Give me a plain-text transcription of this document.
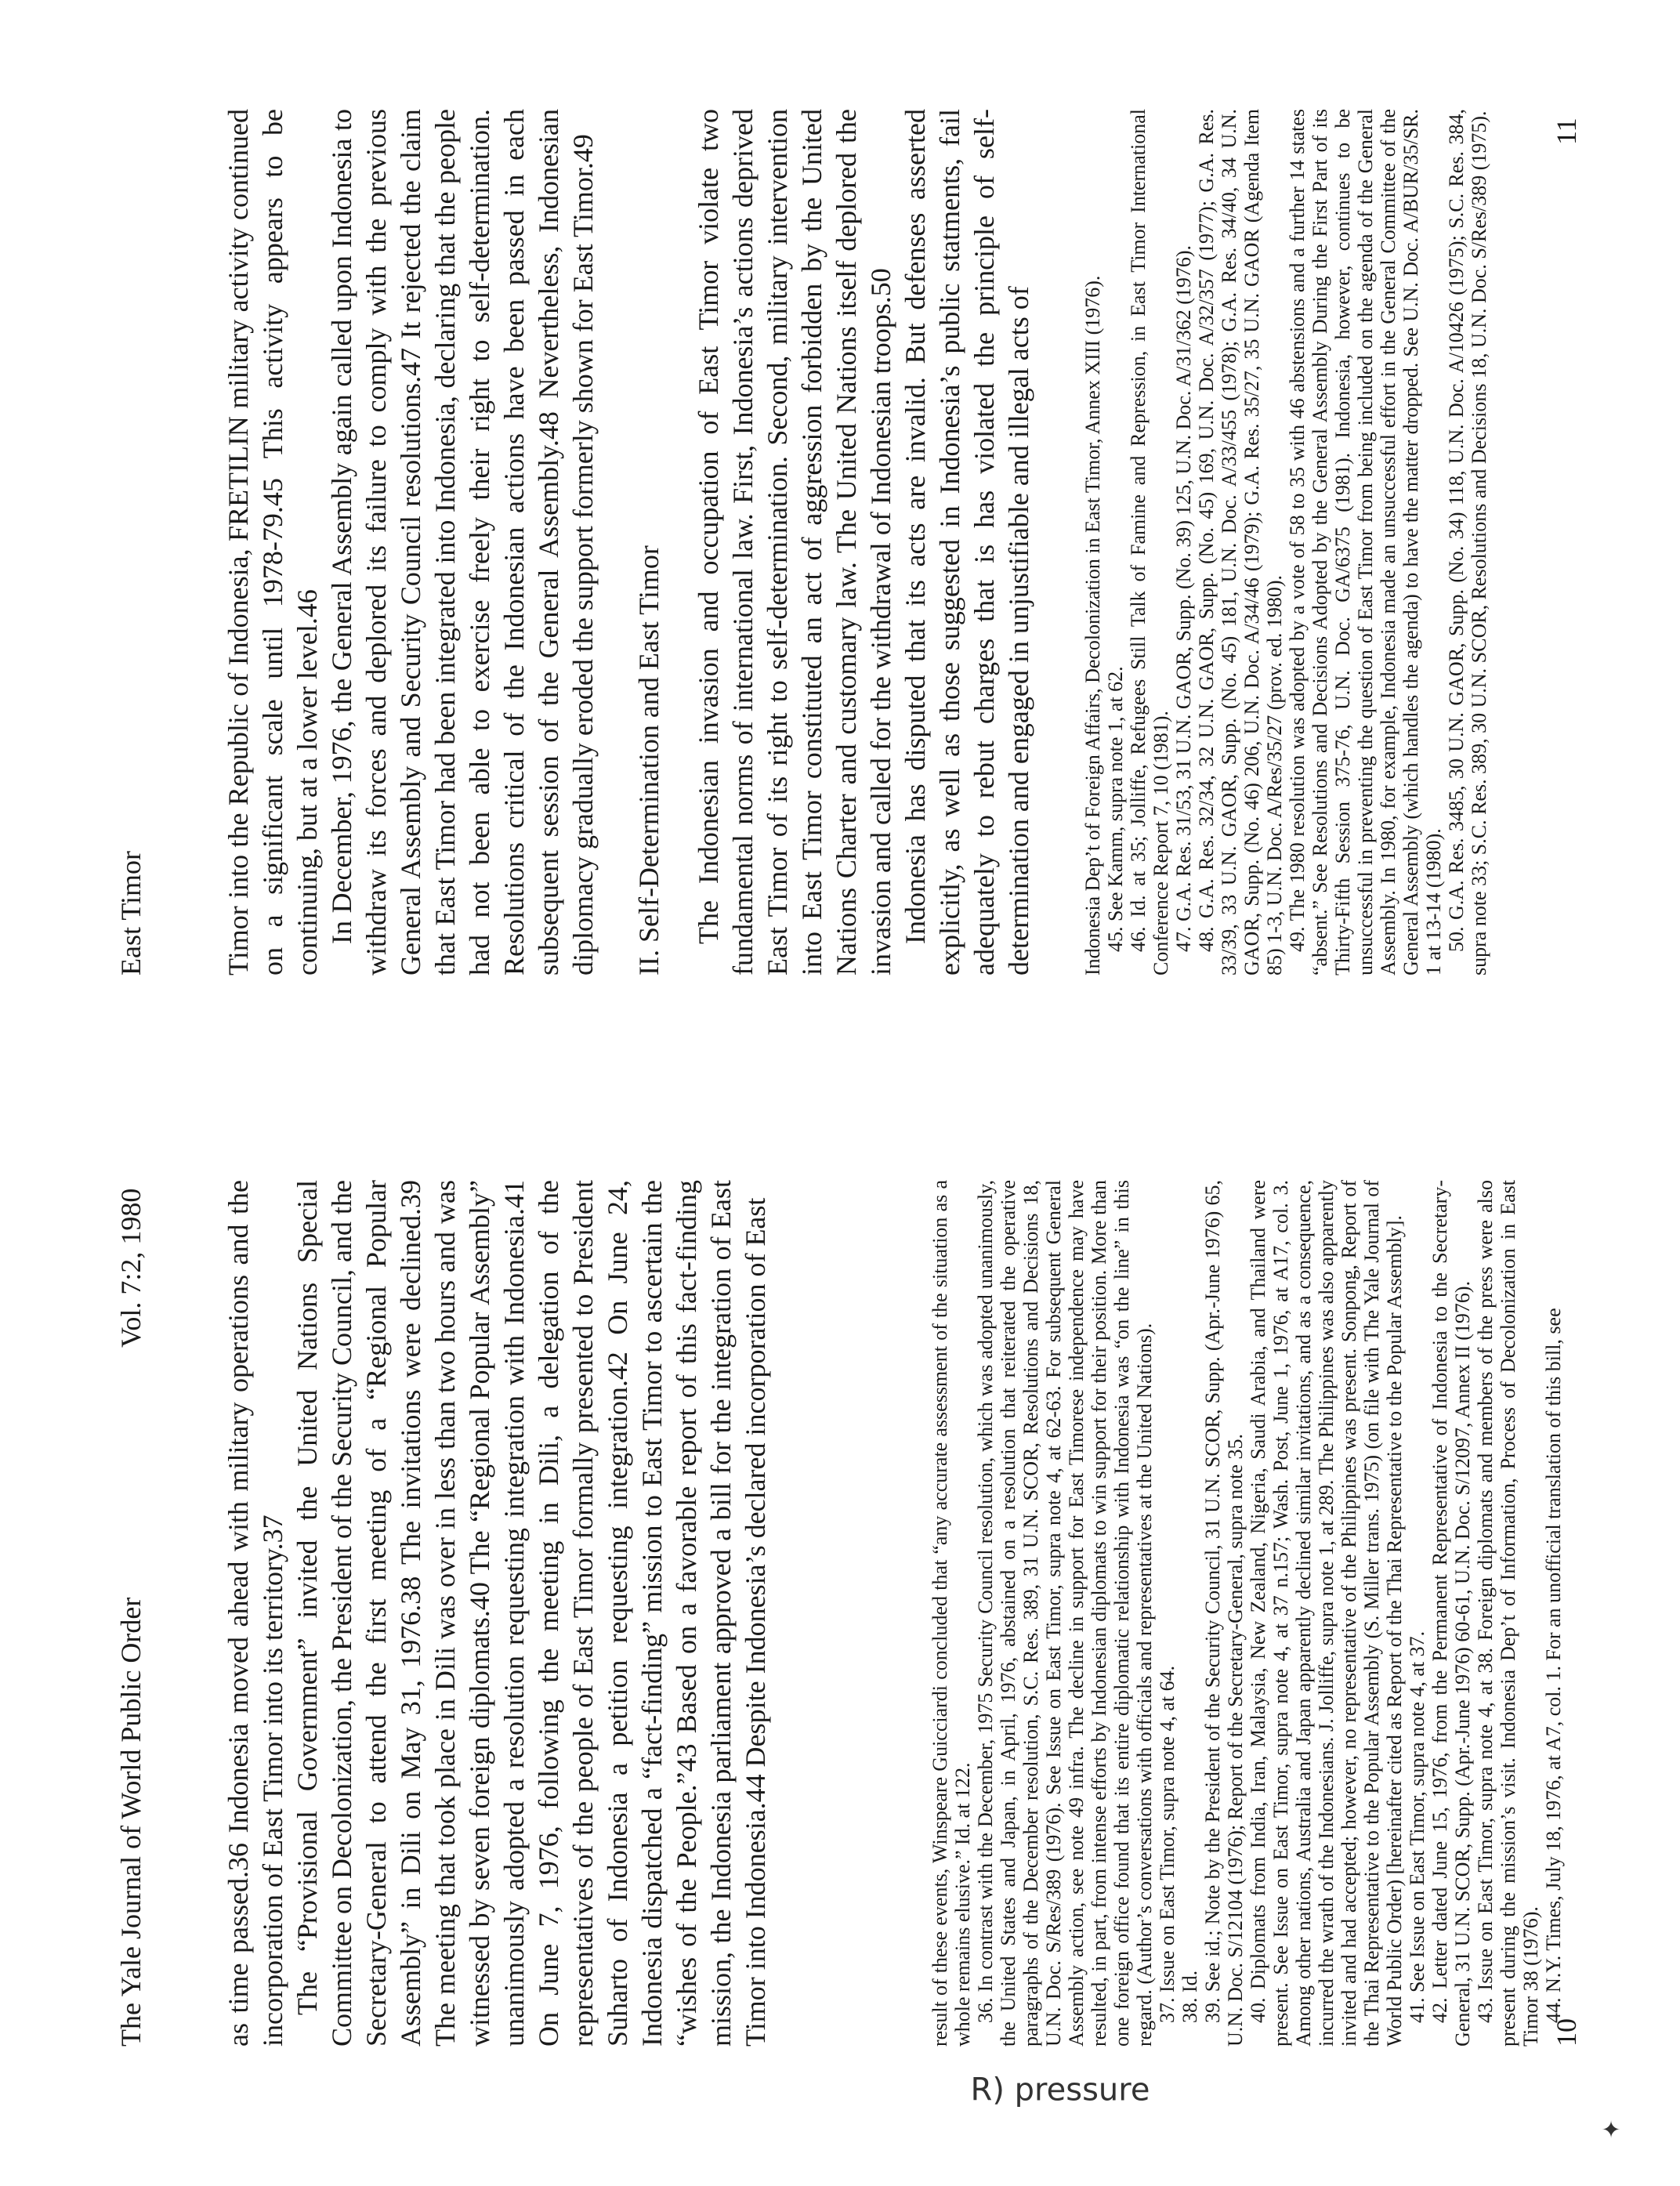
The Yale Journal of World Public Order
Vol. 7:2, 1980	as time passed.36 Indonesia moved ahead with military operations and the incorporation of East Timor into its territory.37 The “Provisional Government” invited the United Nations Special Committee on Decolonization, the President of the Security Council, and the Secretary-General to attend the first meeting of a “Regional Popular Assembly” in Dili on May 31, 1976.38 The invitations were declined.39 The meeting that took place in Dili was over in less than two hours and was witnessed by seven foreign diplomats.40 The “Regional Popular Assembly” unanimously adopted a resolution requesting integration with Indonesia.41 On June 7, 1976, following the meeting in Dili, a delegation of the representatives of the people of East Timor formally presented to President Suharto of Indonesia a petition requesting integration.42 On June 24, Indonesia dispatched a “fact-finding” mission to East Timor to ascertain the “wishes of the People.”43 Based on a favorable report of this fact-finding mission, the Indonesia parliament approved a bill for the integration of East Timor into Indonesia.44 Despite Indonesia’s declared incorporation of East	result of these events, Winspeare Guicciardi concluded that “any accurate assessment of the situation as a whole remains elusive.” Id. at 122. 36. In contrast with the December, 1975 Security Council resolution, which was adopted unanimously, the United States and Japan, in April, 1976, abstained on a resolution that reiterated the operative paragraphs of the December resolution, S.C. Res. 389, 31 U.N. SCOR, Resolutions and Decisions 18, U.N. Doc. S/Res/389 (1976). See Issue on East Timor, supra note 4, at 62-63. For subsequent General Assembly action, see note 49 infra. The decline in support for East Timorese independence may have resulted, in part, from intense efforts by Indonesian diplomats to win support for their position. More than one foreign office found that its entire diplomatic relationship with Indonesia was “on the line” in this regard. (Author’s conversations with officials and representatives at the United Nations). 37. Issue on East Timor, supra note 4, at 64. 38. Id. 39. See id.; Note by the President of the Security Council, 31 U.N. SCOR, Supp. (Apr.-June 1976) 65, U.N. Doc. S/12104 (1976); Report of the Secretary-General, supra note 35. 40. Diplomats from India, Iran, Malaysia, New Zealand, Nigeria, Saudi Arabia, and Thailand were present. See Issue on East Timor, supra note 4, at 37 n.157; Wash. Post, June 1, 1976, at A17, col. 3. Among other nations, Australia and Japan apparently declined similar invitations, and as a consequence, incurred the wrath of the Indonesians. J. Jolliffe, supra note 1, at 289. The Philippines was also apparently invited and had accepted; however, no representative of the Philippines was present. Sonpong, Report of the Thai Representative to the Popular Assembly (S. Miller trans. 1975) (on file with The Yale Journal of World Public Order) [hereinafter cited as Report of the Thai Representative to the Popular Assembly]. 41. See Issue on East Timor, supra note 4, at 37. 42. Letter dated June 15, 1976, from the Permanent Representative of Indonesia to the Secretary-General, 31 U.N. SCOR, Supp. (Apr.-June 1976) 60-61, U.N. Doc. S/12097, Annex II (1976). 43. Issue on East Timor, supra note 4, at 38. Foreign diplomats and members of the press were also present during the mission’s visit. Indonesia Dep’t of Information, Process of Decolonization in East Timor 38 (1976). 44. N.Y. Times, July 18, 1976, at A7, col. 1. For an unofficial translation of this bill, see

R) pressure
✦
10
East Timor	Timor into the Republic of Indonesia, FRETILIN military activity continued on a significant scale until 1978-79.45 This activity appears to be continuing, but at a lower level.46 In December, 1976, the General Assembly again called upon Indonesia to withdraw its forces and deplored its failure to comply with the previous General Assembly and Security Council resolutions.47 It rejected the claim that East Timor had been integrated into Indonesia, declaring that the people had not been able to exercise freely their right to self-determination. Resolutions critical of the Indonesian actions have been passed in each subsequent session of the General Assembly.48 Nevertheless, Indonesian diplomacy gradually eroded the support formerly shown for East Timor.49 II. Self-Determination and East Timor The Indonesian invasion and occupation of East Timor violate two fundamental norms of international law. First, Indonesia’s actions deprived East Timor of its right to self-determination. Second, military intervention into East Timor constituted an act of aggression forbidden by the United Nations Charter and customary law. The United Nations itself deplored the invasion and called for the withdrawal of Indonesian troops.50 Indonesia has disputed that its acts are invalid. But defenses asserted explicitly, as well as those suggested in Indonesia’s public statments, fail adequately to rebut charges that is has violated the principle of self-determination and engaged in unjustifiable and illegal acts of Indonesia Dep’t of Foreign Affairs, Decolonization in East Timor, Annex XIII (1976). 45. See Kamm, supra note 1, at 62. 46. Id. at 35; Jolliffe, Refugees Still Talk of Famine and Repression, in East Timor International Conference Report 7, 10 (1981). 47. G.A. Res. 31/53, 31 U.N. GAOR, Supp. (No. 39) 125, U.N. Doc. A/31/362 (1976). 48. G.A. Res. 32/34, 32 U.N. GAOR, Supp. (No. 45) 169, U.N. Doc. A/32/357 (1977); G.A. Res. 33/39, 33 U.N. GAOR, Supp. (No. 45) 181, U.N. Doc. A/33/455 (1978); G.A. Res. 34/40, 34 U.N. GAOR, Supp. (No. 46) 206, U.N. Doc. A/34/46 (1979); G.A. Res. 35/27, 35 U.N. GAOR (Agenda Item 85) 1-3, U.N. Doc. A/Res/35/27 (prov. ed. 1980). 49. The 1980 resolution was adopted by a vote of 58 to 35 with 46 abstensions and a further 14 states “absent.” See Resolutions and Decisions Adopted by the General Assembly During the First Part of its Thirty-Fifth Session 375-76, U.N. Doc. GA/6375 (1981). Indonesia, however, continues to be unsuccessful in preventing the question of East Timor from being included on the agenda of the General Assembly. In 1980, for example, Indonesia made an unsuccessful effort in the General Committee of the General Assembly (which handles the agenda) to have the matter dropped. See U.N. Doc. A/BUR/35/SR. 1 at 13-14 (1980). 50. G.A. Res. 3485, 30 U.N. GAOR, Supp. (No. 34) 118, U.N. Doc. A/10426 (1975); S.C. Res. 384, supra note 33; S.C. Res. 389, 30 U.N. SCOR, Resolutions and Decisions 18, U.N. Doc. S/Res/389 (1975). 11
